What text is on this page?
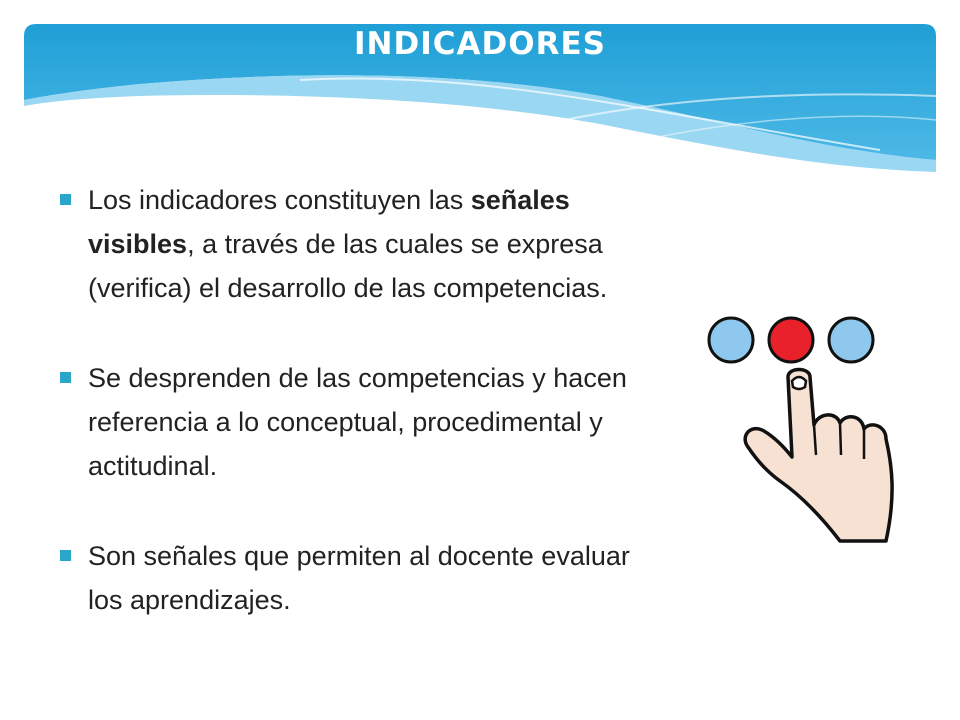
INDICADORES
Los indicadores constituyen las señales visibles, a través de las cuales se expresa (verifica) el desarrollo de las competencias.
Se desprenden de las competencias y hacen referencia a lo conceptual, procedimental y actitudinal.
Son señales que permiten al docente evaluar los aprendizajes.
